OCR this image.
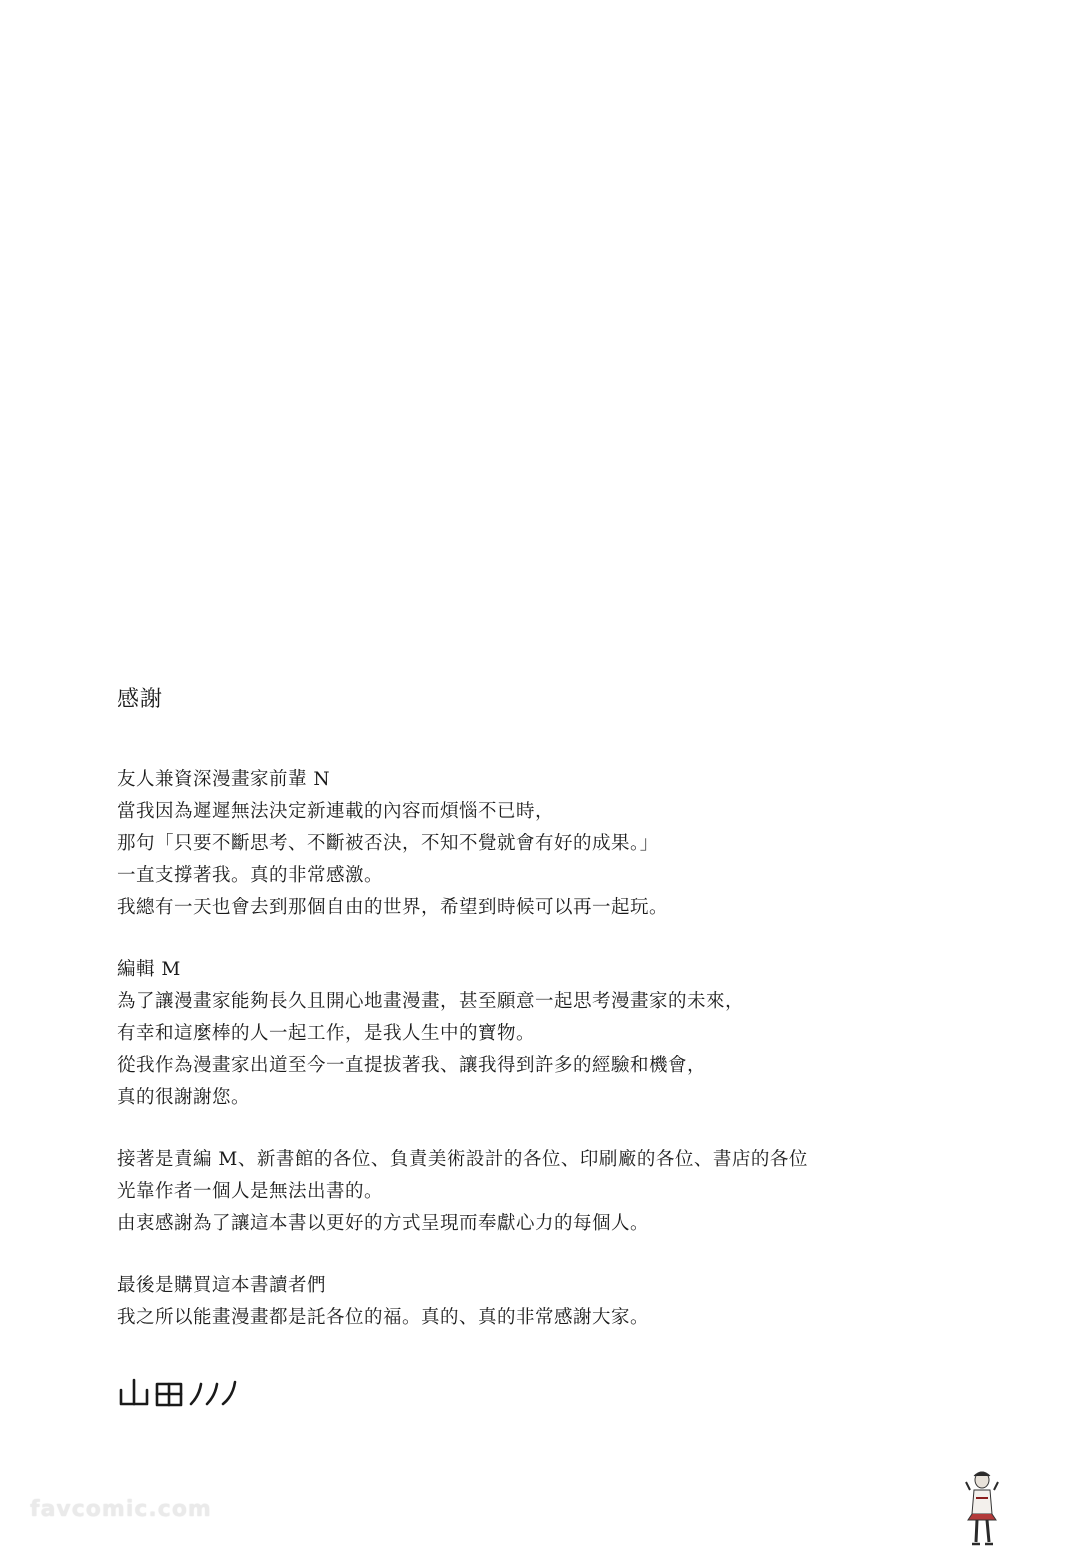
感謝
友人兼資深漫畫家前輩 N
當我因為遲遲無法決定新連載的內容而煩惱不已時，
那句「只要不斷思考、不斷被否決，不知不覺就會有好的成果。」
一直支撐著我。真的非常感激。
我總有一天也會去到那個自由的世界，希望到時候可以再一起玩。
編輯 M
為了讓漫畫家能夠長久且開心地畫漫畫，甚至願意一起思考漫畫家的未來，
有幸和這麼棒的人一起工作，是我人生中的寶物。
從我作為漫畫家出道至今一直提拔著我、讓我得到許多的經驗和機會，
真的很謝謝您。
接著是責編 M、新書館的各位、負責美術設計的各位、印刷廠的各位、書店的各位
光靠作者一個人是無法出書的。
由衷感謝為了讓這本書以更好的方式呈現而奉獻心力的每個人。
最後是購買這本書讀者們
我之所以能畫漫畫都是託各位的福。真的、真的非常感謝大家。
favcomic.com
